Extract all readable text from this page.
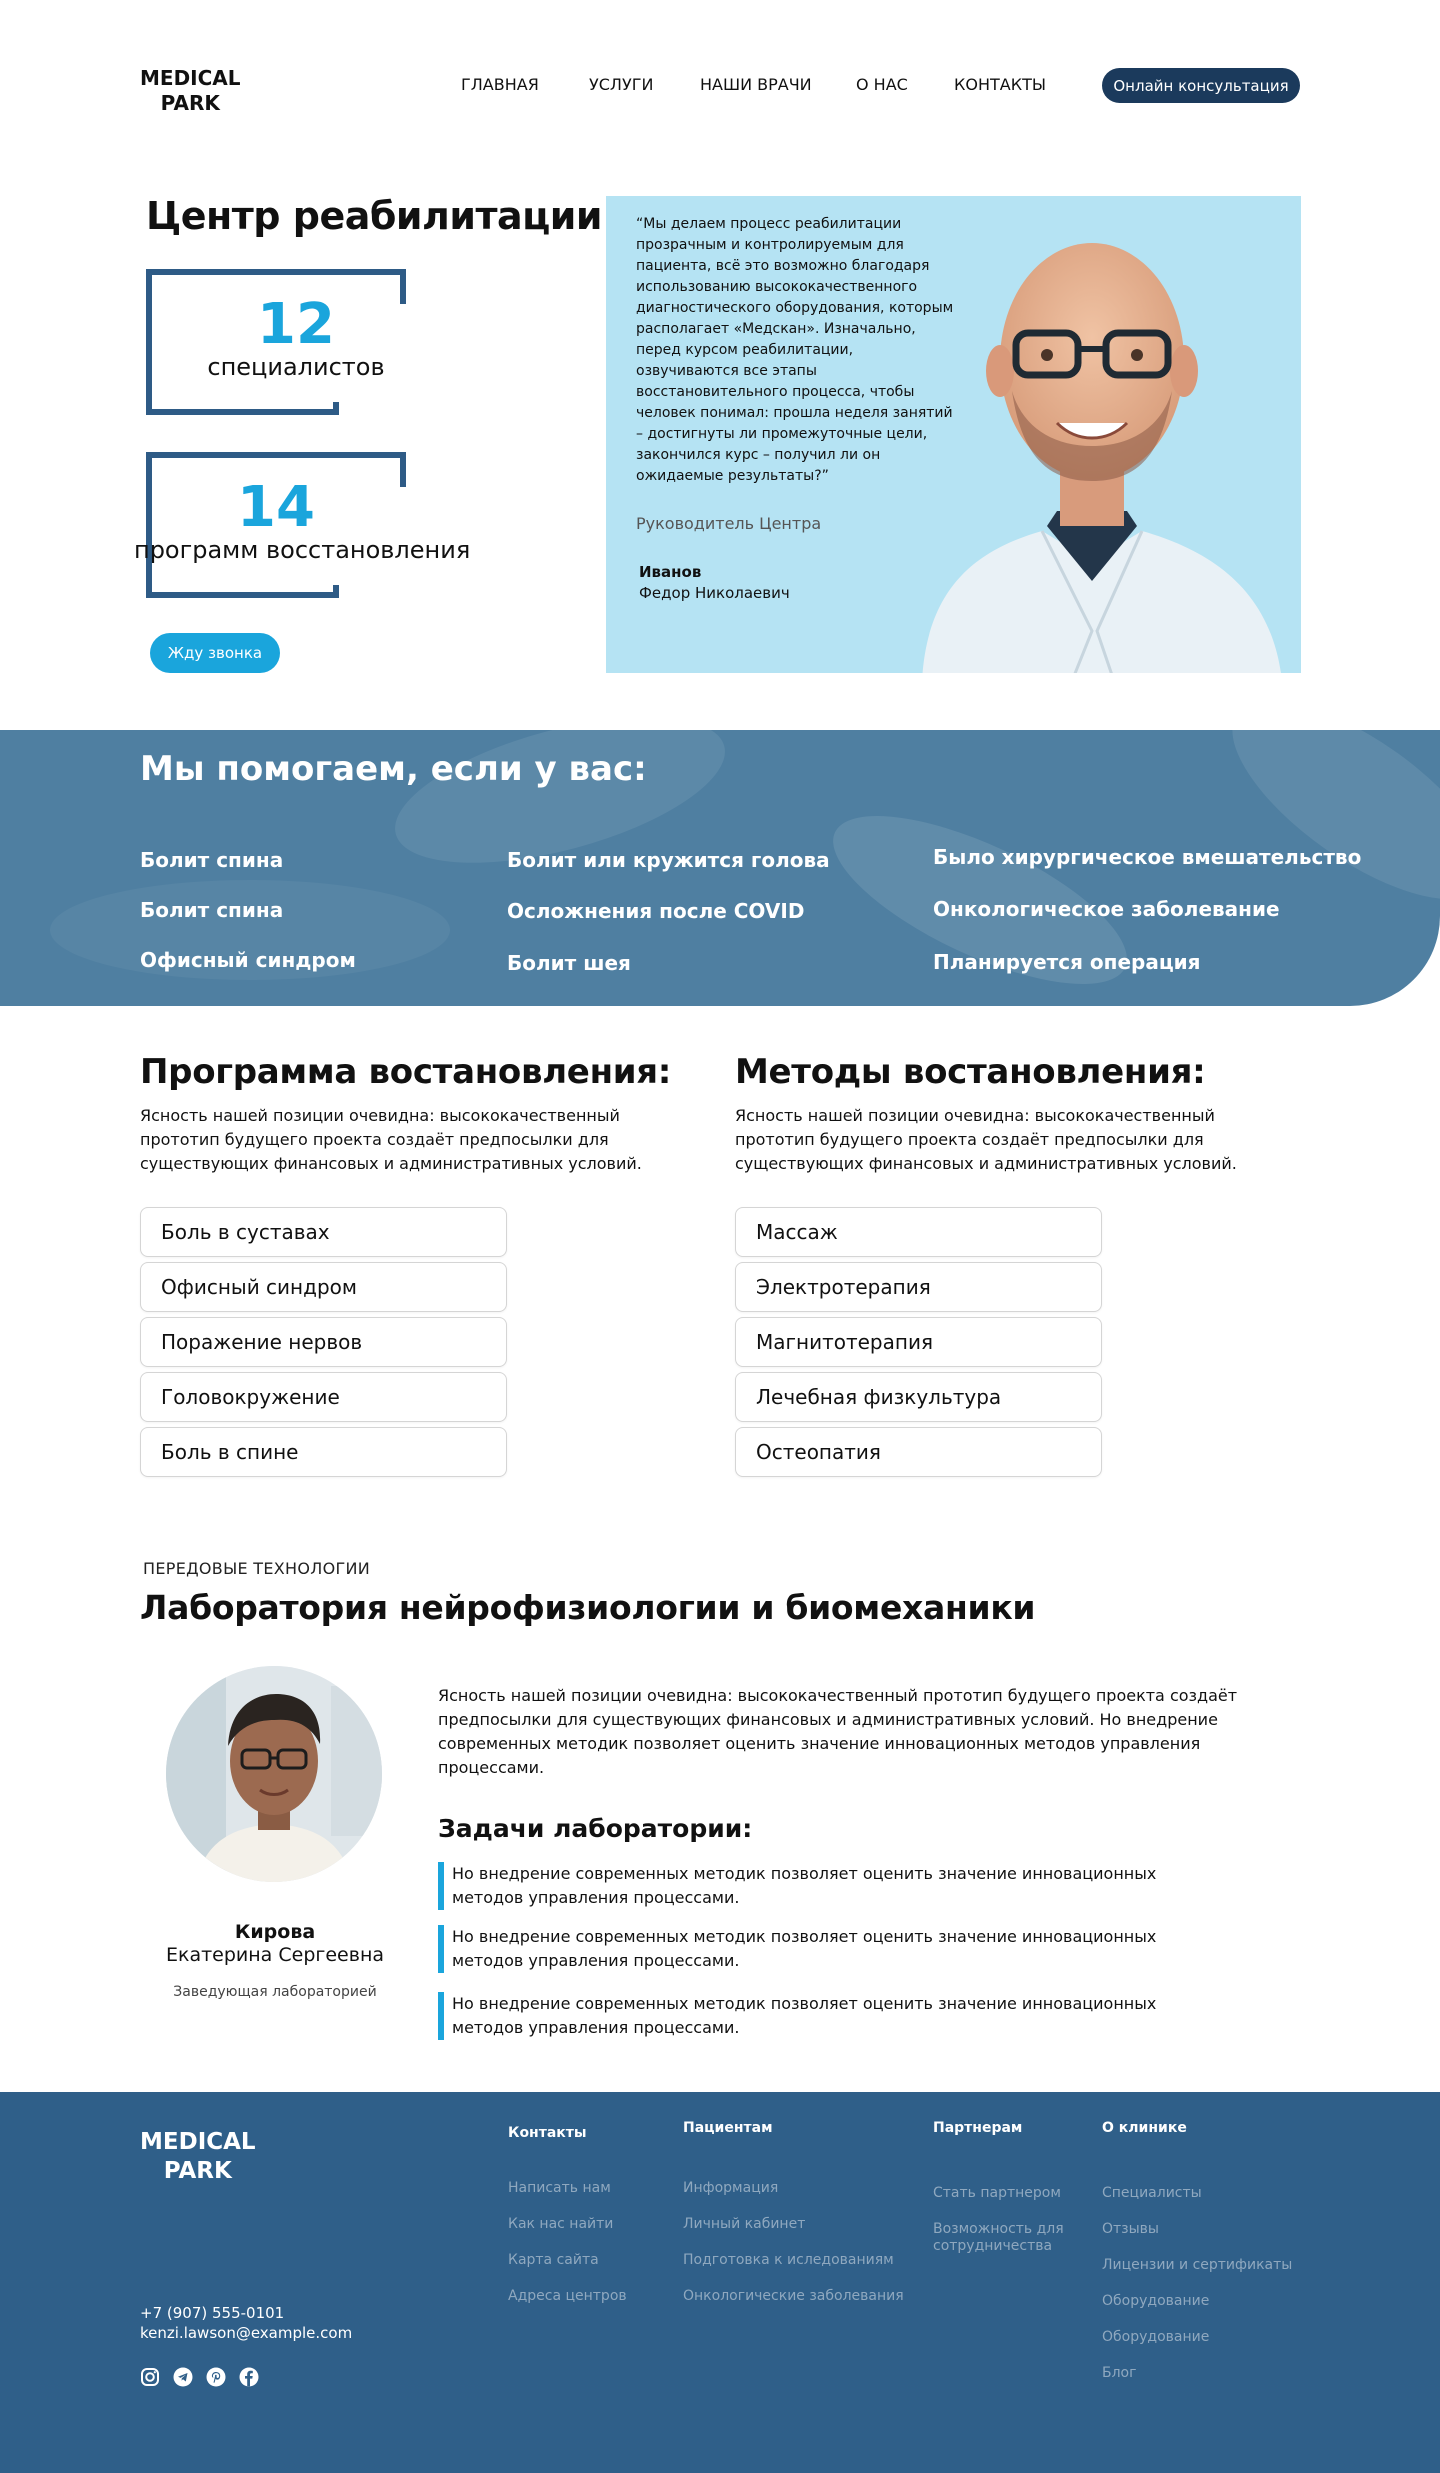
MEDICAL
PARK
ГЛАВНАЯ	УСЛУГИ	НАШИ ВРАЧИ	О НАС	КОНТАКТЫ	Онлайн консультация
Центр реабилитации
12
специалистов
14
программ восстановления
Жду звонка
“Мы делаем процесс реабилитации прозрачным и контролируемым для пациента, всё это возможно благодаря использованию высококачественного диагностического оборудования, которым располагает «Медскан». Изначально, перед курсом реабилитации, озвучиваются все этапы восстановительного процесса, чтобы человек понимал: прошла неделя занятий – достигнуты ли промежуточные цели, закончился курс – получил ли он ожидаемые результаты?”
Руководитель Центра
Иванов
Федор Николаевич
Мы помогаем, если у вас:
Болит спина
Болит спина
Офисный синдром
Болит или кружится голова
Осложнения после COVID
Болит шея
Было хирургическое вмешательство
Онкологическое заболевание
Планируется операция
Программа востановления:
Ясность нашей позиции очевидна: высококачественный прототип будущего проекта создаёт предпосылки для существующих финансовых и административных условий.
Боль в суставах
Офисный синдром
Поражение нервов
Головокружение
Боль в спине
Методы востановления:
Ясность нашей позиции очевидна: высококачественный прототип будущего проекта создаёт предпосылки для существующих финансовых и административных условий.
Массаж
Электротерапия
Магнитотерапия
Лечебная физкультура
Остеопатия
ПЕРЕДОВЫЕ ТЕХНОЛОГИИ
Лаборатория нейрофизиологии и биомеханики
Кирова
Екатерина Сергеевна
Заведующая лабораторией
Ясность нашей позиции очевидна: высококачественный прототип будущего проекта создаёт предпосылки для существующих финансовых и административных условий. Но внедрение современных методик позволяет оценить значение инновационных методов управления процессами.
Задачи лаборатории:
Но внедрение современных методик позволяет оценить значение инновационных методов управления процессами.
Но внедрение современных методик позволяет оценить значение инновационных методов управления процессами.
Но внедрение современных методик позволяет оценить значение инновационных методов управления процессами.
MEDICAL
PARK
Контакты
Написать нам
Как нас найти
Карта сайта
Адреса центров
Пациентам
Информация
Личный кабинет
Подготовка к иследованиям
Онкологические заболевания
Партнерам
Стать партнером
Возможность для
сотрудничества
О клинике
Специалисты
Отзывы
Лицензии и сертификаты
Оборудование
Оборудование
Блог
+7 (907) 555-0101
kenzi.lawson@example.com
